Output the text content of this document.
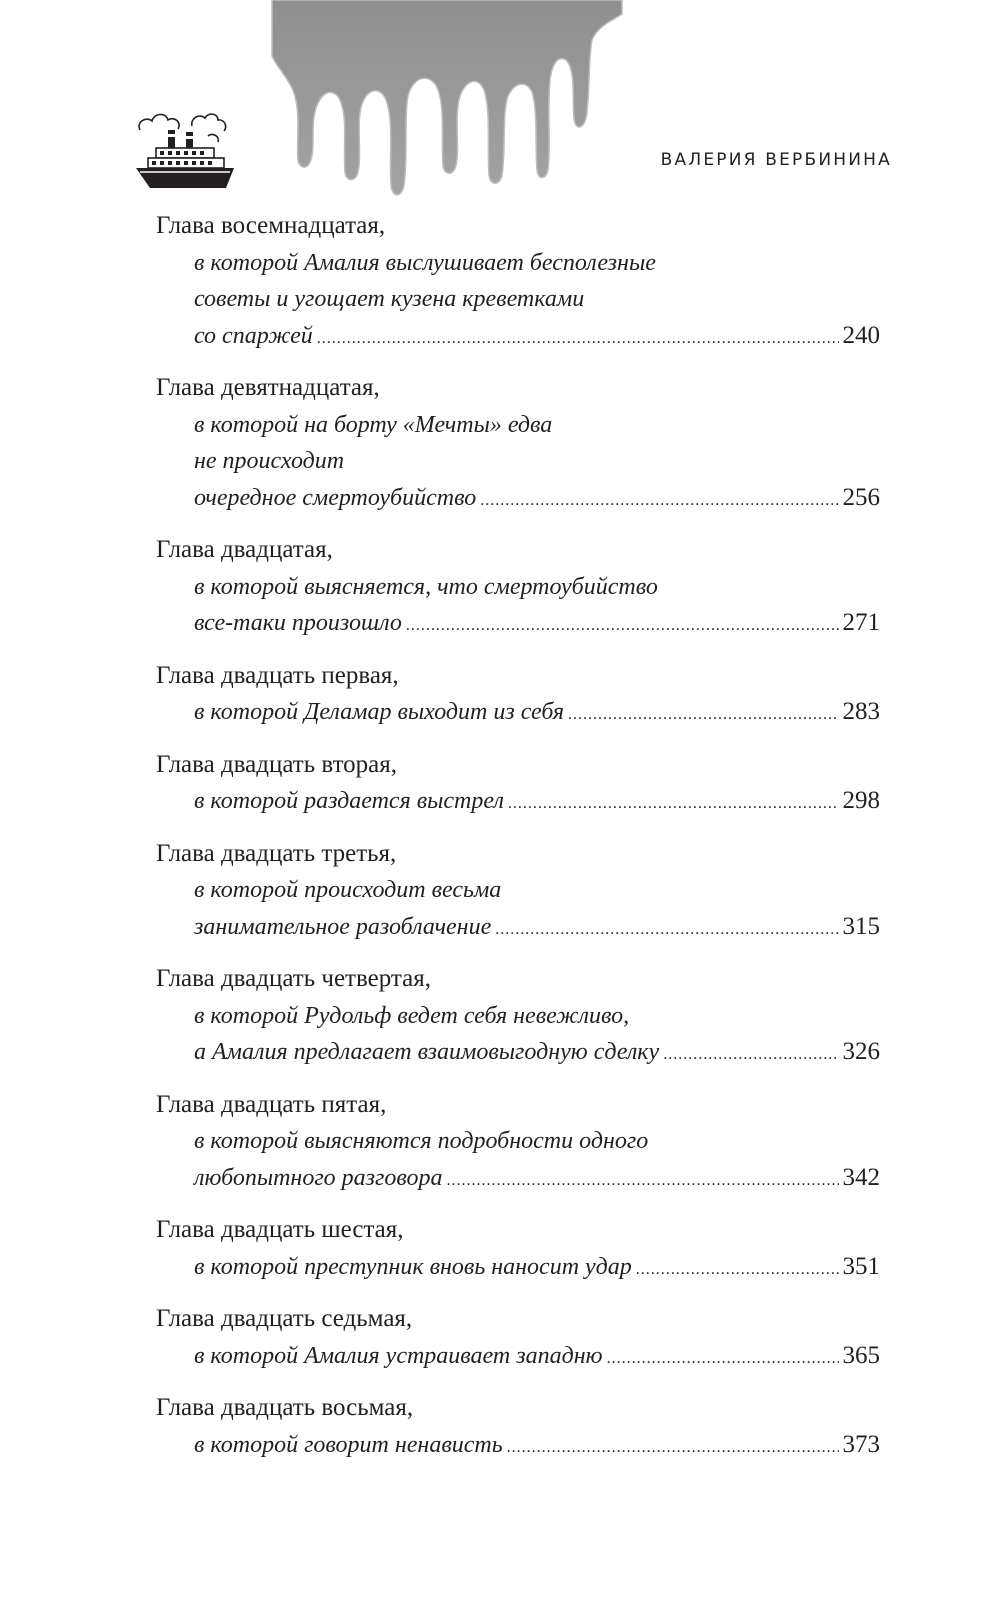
ВАЛЕРИЯ ВЕРБИНИНА
Глава восемнадцатая,
в которой Амалия выслушивает бесполезные
советы и угощает кузена креветками
со спаржей .....	240
Глава девятнадцатая,
в которой на борту «Мечты» едва
не происходит
очередное смертоубийство .....	256
Глава двадцатая,
в которой выясняется, что смертоубийство
все-таки произошло .....	271
Глава двадцать первая,
в которой Деламар выходит из себя .....	283
Глава двадцать вторая,
в которой раздается выстрел .....	298
Глава двадцать третья,
в которой происходит весьма
занимательное разоблачение .....	315
Глава двадцать четвертая,
в которой Рудольф ведет себя невежливо,
а Амалия предлагает взаимовыгодную сделку .....	326
Глава двадцать пятая,
в которой выясняются подробности одного
любопытного разговора .....	342
Глава двадцать шестая,
в которой преступник вновь наносит удар .....	351
Глава двадцать седьмая,
в которой Амалия устраивает западню .....	365
Глава двадцать восьмая,
в которой говорит ненависть .....	373
